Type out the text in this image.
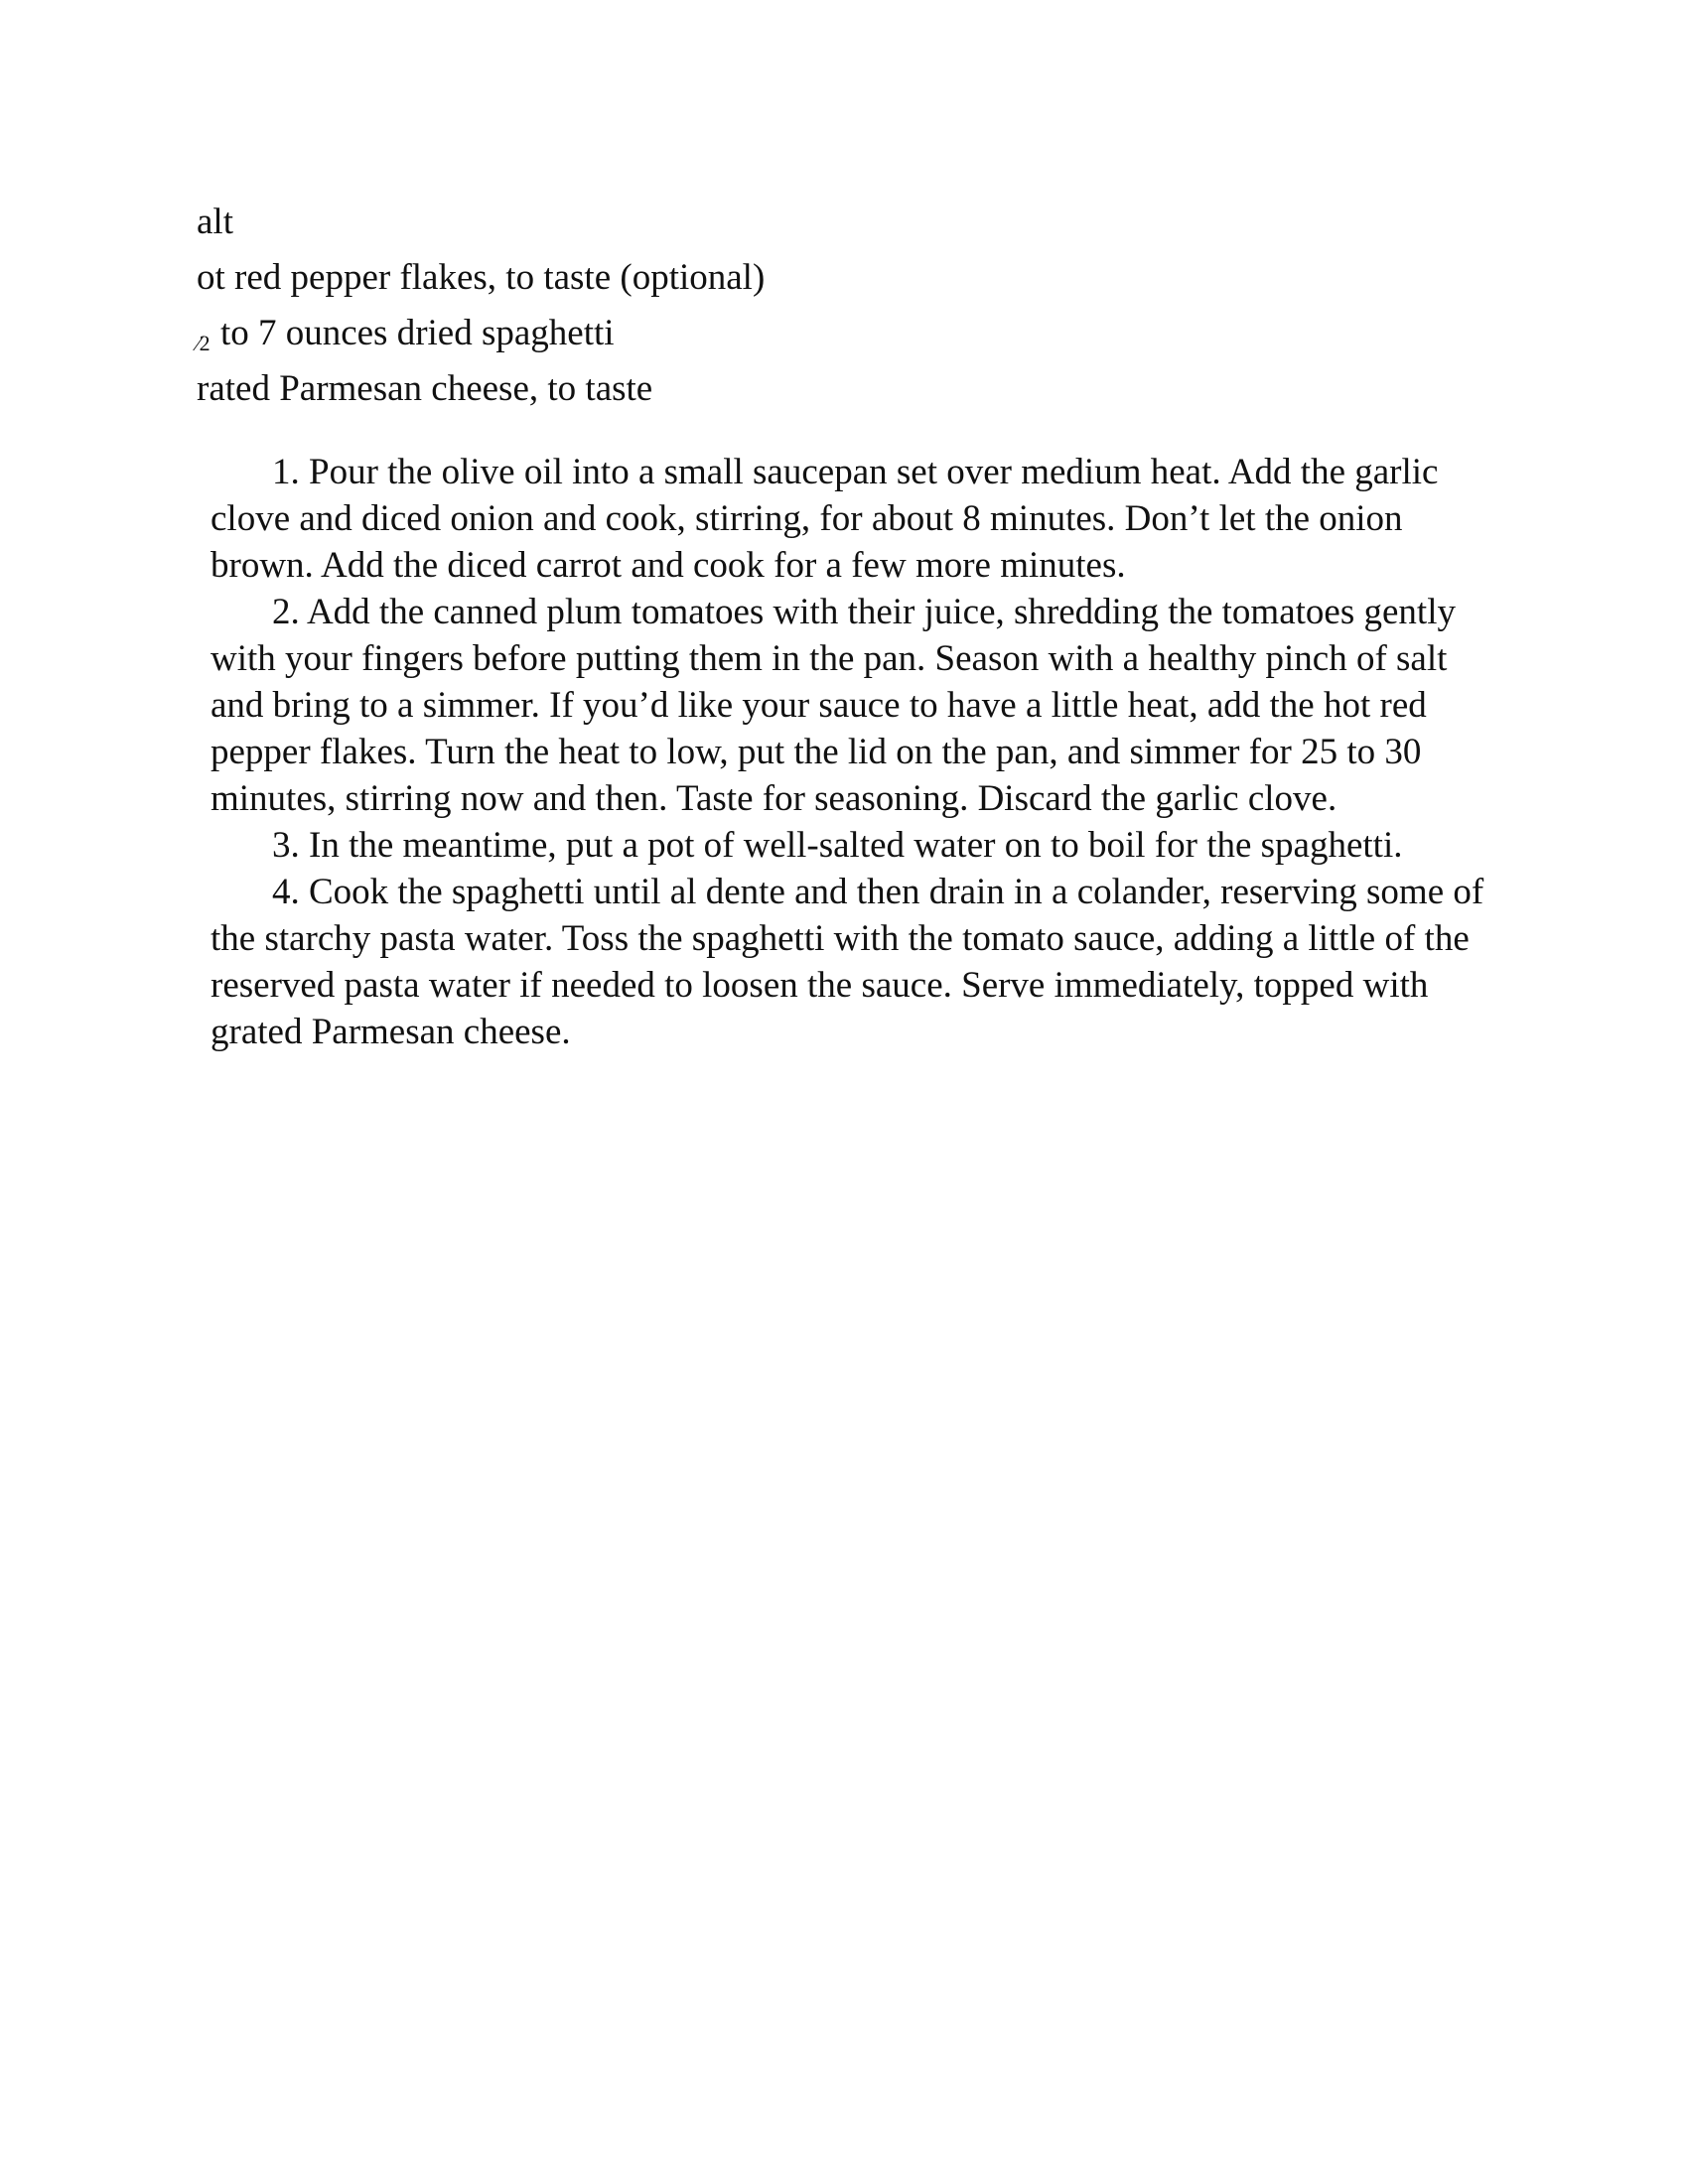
alt
ot red pepper flakes, to taste (optional)
⁄2 to 7 ounces dried spaghetti
rated Parmesan cheese, to taste

1. Pour the olive oil into a small saucepan set over medium heat. Add the garlic clove and diced onion and cook, stirring, for about 8 minutes. Don’t let the onion brown. Add the diced carrot and cook for a few more minutes.

2. Add the canned plum tomatoes with their juice, shredding the tomatoes gently with your fingers before putting them in the pan. Season with a healthy pinch of salt and bring to a simmer. If you’d like your sauce to have a little heat, add the hot red pepper flakes. Turn the heat to low, put the lid on the pan, and simmer for 25 to 30 minutes, stirring now and then. Taste for seasoning. Discard the garlic clove.

3. In the meantime, put a pot of well-salted water on to boil for the spaghetti.

4. Cook the spaghetti until al dente and then drain in a colander, reserving some of the starchy pasta water. Toss the spaghetti with the tomato sauce, adding a little of the reserved pasta water if needed to loosen the sauce. Serve immediately, topped with grated Parmesan cheese.
